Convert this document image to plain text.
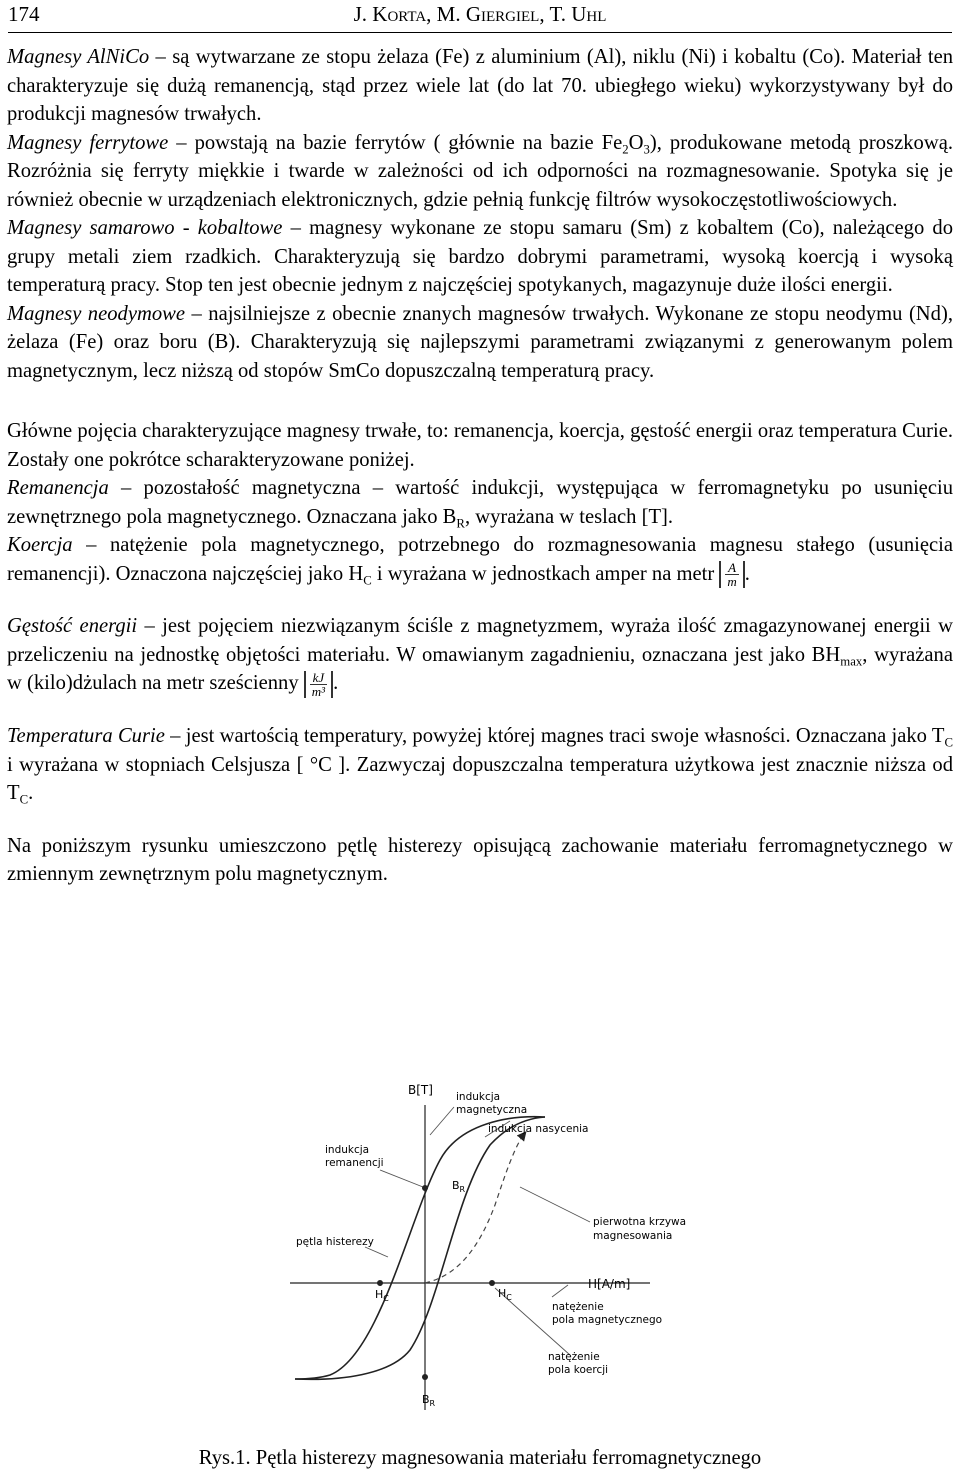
174	J. Korta, M. Giergiel, T. Uhl

Magnesy AlNiCo – są wytwarzane ze stopu żelaza (Fe) z aluminium (Al), niklu (Ni) i kobaltu (Co). Materiał ten charakteryzuje się dużą remanencją, stąd przez wiele lat (do lat 70. ubiegłego wieku) wykorzystywany był do produkcji magnesów trwałych.

Magnesy ferrytowe – powstają na bazie ferrytów ( głównie na bazie $Fe_2O_3$), produkowane metodą proszkową. Rozróżnia się ferryty miękkie i twarde w zależności od ich odporności na rozmagnesowanie. Spotyka się je również obecnie w urządzeniach elektronicznych, gdzie pełnią funkcję filtrów wysokoczęstotliwościowych.

Magnesy samarowo - kobaltowe – magnesy wykonane ze stopu samaru (Sm) z kobaltem (Co), należącego do grupy metali ziem rzadkich. Charakteryzują się bardzo dobrymi parametrami, wysoką koercją i wysoką temperaturą pracy. Stop ten jest obecnie jednym z najczęściej spotykanych, magazynuje duże ilości energii.

Magnesy neodymowe – najsilniejsze z obecnie znanych magnesów trwałych. Wykonane ze stopu neodymu (Nd), żelaza (Fe) oraz boru (B). Charakteryzują się najlepszymi parametrami związanymi z generowanym polem magnetycznym, lecz niższą od stopów SmCo dopuszczalną temperaturą pracy.

Główne pojęcia charakteryzujące magnesy trwałe, to: remanencja, koercja, gęstość energii oraz temperatura Curie. Zostały one pokrótce scharakteryzowane poniżej.

Remanencja – pozostałość magnetyczna – wartość indukcji, występująca w ferromagnetyku po usunięciu zewnętrznego pola magnetycznego. Oznaczana jako $B_R$, wyrażana w teslach [T].

Koercja – natężenie pola magnetycznego, potrzebnego do rozmagnesowania magnesu stałego (usunięcia remanencji). Oznaczona najczęściej jako $H_C$ i wyrażana w jednostkach amper na metr $\frac{A}{m}$ .

Gęstość energii – jest pojęciem niezwiązanym ściśle z magnetyzmem, wyraża ilość zmagazynowanej energii w przeliczeniu na jednostkę objętości materiału. W omawianym zagadnieniu, oznaczana jest jako $BH_{max}$, wyrażana w (kilo)dżulach na metr sześcienny $\frac{kJ}{\text{m³}}$ .

Temperatura Curie – jest wartością temperatury, powyżej której magnes traci swoje własności. Oznaczana jako $T_C$ i wyrażana w stopniach Celsjusza [ °C ]. Zazwyczaj dopuszczalna temperatura użytkowa jest znacznie niższa od $T_C$.

Na poniższym rysunku umieszczono pętlę histerezy opisującą zachowanie materiału ferromagnetycznego w zmiennym zewnętrznym polu magnetycznym.

B[T] indukcja
magnetyczna
indukcja nasycenia
indukcja
remanencji
$B_R$
pierwotna krzywa
magnesowania
pętla histerezy
$H_C$	$H_C$
H[A/m]
natężenie
pola magnetycznego
natężenie
pola koercji
$B_R$
Rys.1. Pętla histerezy magnesowania materiału ferromagnetycznego
